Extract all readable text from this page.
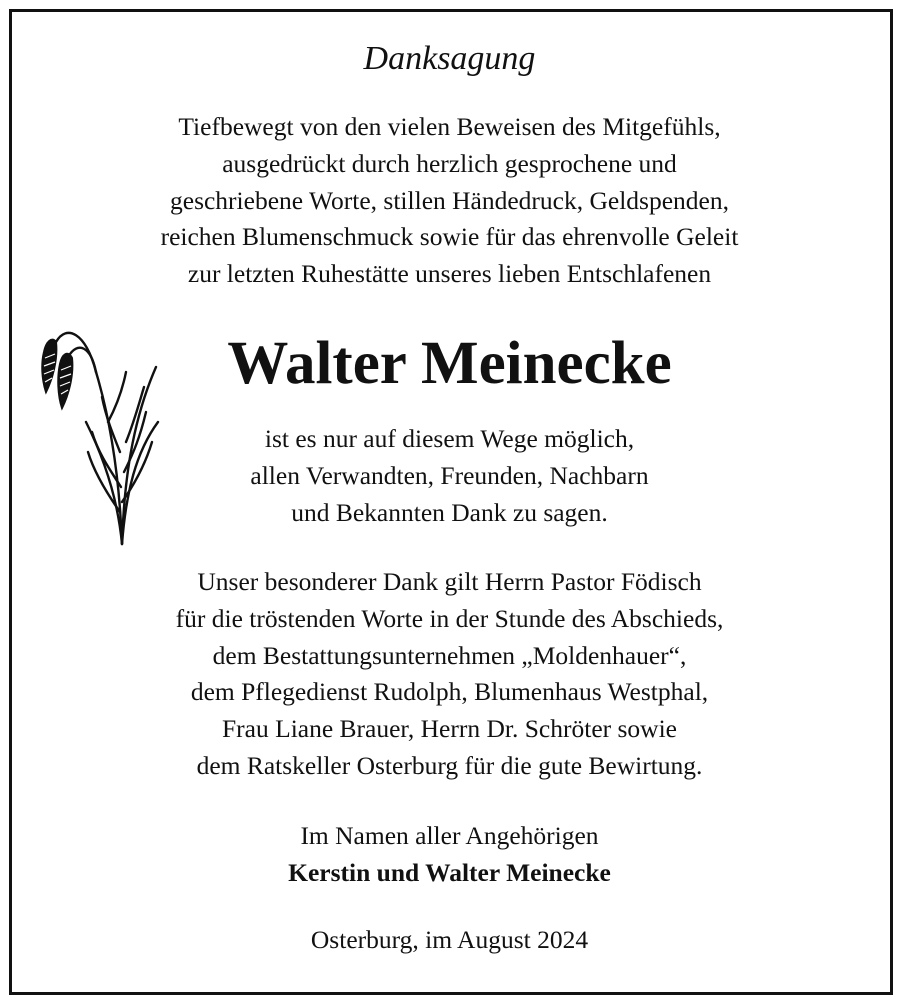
Danksagung
Tiefbewegt von den vielen Beweisen des Mitgefühls,
ausgedrückt durch herzlich gesprochene und
geschriebene Worte, stillen Händedruck, Geldspenden,
reichen Blumenschmuck sowie für das ehrenvolle Geleit
zur letzten Ruhestätte unseres lieben Entschlafenen
Walter Meinecke
ist es nur auf diesem Wege möglich,
allen Verwandten, Freunden, Nachbarn
und Bekannten Dank zu sagen.
Unser besonderer Dank gilt Herrn Pastor Födisch
für die tröstenden Worte in der Stunde des Abschieds,
dem Bestattungsunternehmen „Moldenhauer“,
dem Pflegedienst Rudolph, Blumenhaus Westphal,
Frau Liane Brauer, Herrn Dr. Schröter sowie
dem Ratskeller Osterburg für die gute Bewirtung.
Im Namen aller Angehörigen
Kerstin und Walter Meinecke
Osterburg, im August 2024
